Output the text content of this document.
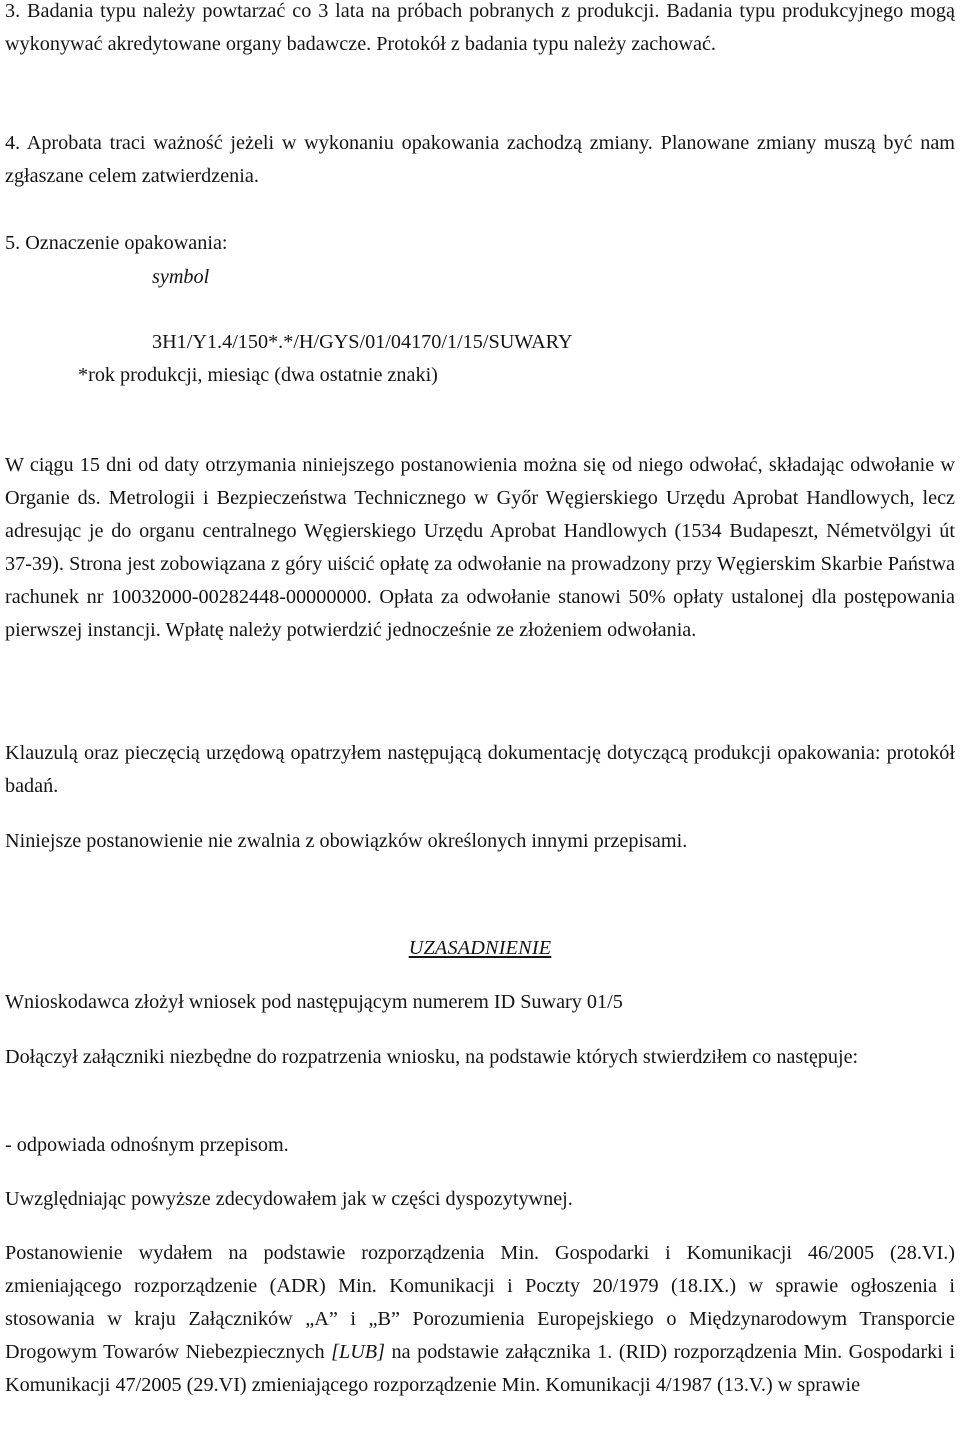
3. Badania typu należy powtarzać co 3 lata na próbach pobranych z produkcji. Badania typu produkcyjnego mogą wykonywać akredytowane organy badawcze. Protokół z badania typu należy zachować.

4. Aprobata traci ważność jeżeli w wykonaniu opakowania zachodzą zmiany. Planowane zmiany muszą być nam zgłaszane celem zatwierdzenia.

5. Oznaczenie opakowania:

symbol

3H1/Y1.4/150*.*/H/GYS/01/04170/1/15/SUWARY

*rok produkcji, miesiąc (dwa ostatnie znaki)

W ciągu 15 dni od daty otrzymania niniejszego postanowienia można się od niego odwołać, składając odwołanie w Organie ds. Metrologii i Bezpieczeństwa Technicznego w Győr Węgierskiego Urzędu Aprobat Handlowych, lecz adresując je do organu centralnego Węgierskiego Urzędu Aprobat Handlowych (1534 Budapeszt, Németvölgyi út 37-39). Strona jest zobowiązana z góry uiścić opłatę za odwołanie na prowadzony przy Węgierskim Skarbie Państwa rachunek nr 10032000-00282448-00000000. Opłata za odwołanie stanowi 50% opłaty ustalonej dla postępowania pierwszej instancji. Wpłatę należy potwierdzić jednocześnie ze złożeniem odwołania.

Klauzulą oraz pieczęcią urzędową opatrzyłem następującą dokumentację dotyczącą produkcji opakowania: protokół badań.

Niniejsze postanowienie nie zwalnia z obowiązków określonych innymi przepisami.

UZASADNIENIE

Wnioskodawca złożył wniosek pod następującym numerem ID Suwary 01/5

Dołączył załączniki niezbędne do rozpatrzenia wniosku, na podstawie których stwierdziłem co następuje:

- odpowiada odnośnym przepisom.

Uwzględniając powyższe zdecydowałem jak w części dyspozytywnej.

Postanowienie wydałem na podstawie rozporządzenia Min. Gospodarki i Komunikacji 46/2005 (28.VI.) zmieniającego rozporządzenie (ADR) Min. Komunikacji i Poczty 20/1979 (18.IX.) w sprawie ogłoszenia i stosowania w kraju Załączników „A” i „B” Porozumienia Europejskiego o Międzynarodowym Transporcie Drogowym Towarów Niebezpiecznych [LUB] na podstawie załącznika 1. (RID) rozporządzenia Min. Gospodarki i Komunikacji 47/2005 (29.VI) zmieniającego rozporządzenie Min. Komunikacji 4/1987 (13.V.) w sprawie
